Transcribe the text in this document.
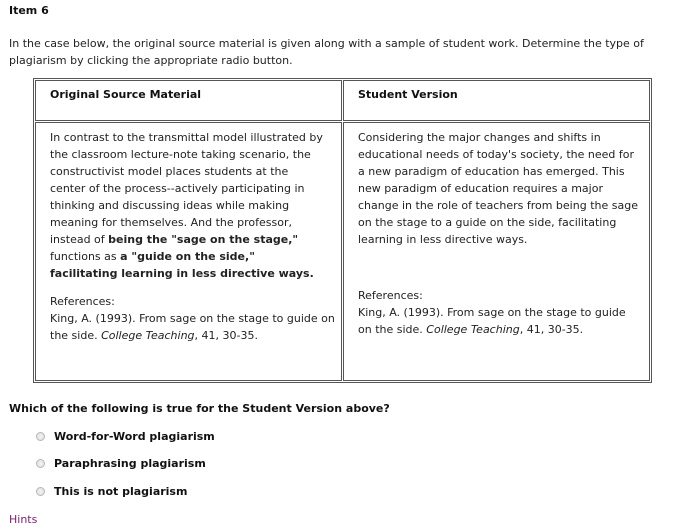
Item 6
In the case below, the original source material is given along with a sample of student work. Determine the type of plagiarism by clicking the appropriate radio button.
Original Source Material	Student Version
In contrast to the transmittal model illustrated by the classroom lecture-note taking scenario, the constructivist model places students at the center of the process--actively participating in thinking and discussing ideas while making meaning for themselves. And the professor, instead of being the "sage on the stage," functions as a "guide on the side," facilitating learning in less directive ways.
References:
King, A. (1993). From sage on the stage to guide on the side. College Teaching, 41, 30-35.
Considering the major changes and shifts in educational needs of today's society, the need for a new paradigm of education has emerged. This new paradigm of education requires a major change in the role of teachers from being the sage on the stage to a guide on the side, facilitating learning in less directive ways.
References:
King, A. (1993). From sage on the stage to guide on the side. College Teaching, 41, 30-35.
Which of the following is true for the Student Version above?
Word-for-Word plagiarism
Paraphrasing plagiarism
This is not plagiarism
Hints
